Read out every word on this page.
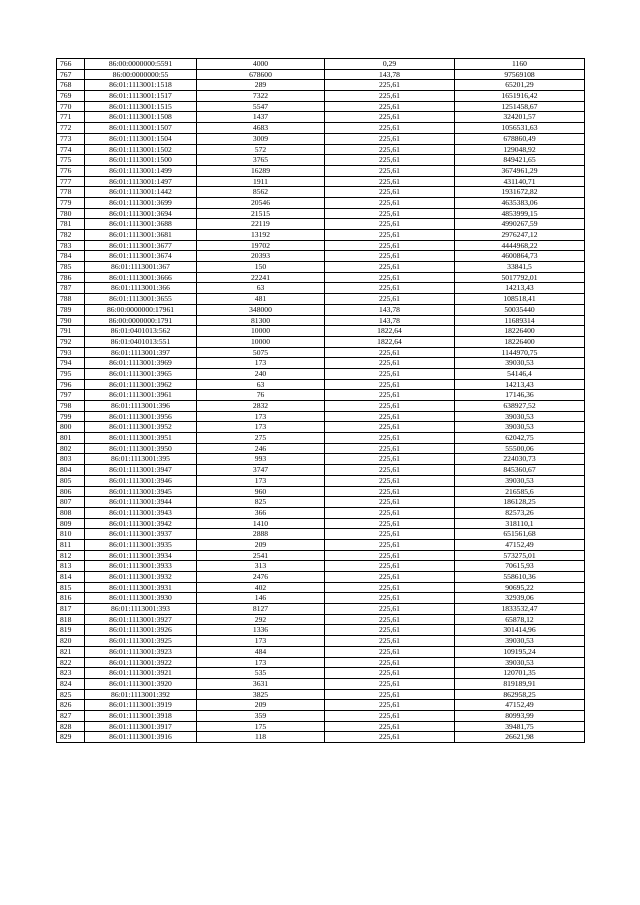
766	86:00:0000000:5591	4000	0,29	1160
767	86:00:0000000:55	678600	143,78	97569108
768	86:01:1113001:1518	289	225,61	65201,29
769	86:01:1113001:1517	7322	225,61	1651916,42
770	86:01:1113001:1515	5547	225,61	1251458,67
771	86:01:1113001:1508	1437	225,61	324201,57
772	86:01:1113001:1507	4683	225,61	1056531,63
773	86:01:1113001:1504	3009	225,61	678860,49
774	86:01:1113001:1502	572	225,61	129048,92
775	86:01:1113001:1500	3765	225,61	849421,65
776	86:01:1113001:1499	16289	225,61	3674961,29
777	86:01:1113001:1497	1911	225,61	431140,71
778	86:01:1113001:1442	8562	225,61	1931672,82
779	86:01:1113001:3699	20546	225,61	4635383,06
780	86:01:1113001:3694	21515	225,61	4853999,15
781	86:01:1113001:3688	22119	225,61	4990267,59
782	86:01:1113001:3681	13192	225,61	2976247,12
783	86:01:1113001:3677	19702	225,61	4444968,22
784	86:01:1113001:3674	20393	225,61	4600864,73
785	86:01:1113001:367	150	225,61	33841,5
786	86:01:1113001:3666	22241	225,61	5017792,01
787	86:01:1113001:366	63	225,61	14213,43
788	86:01:1113001:3655	481	225,61	108518,41
789	86:00:0000000:17961	348000	143,78	50035440
790	86:00:0000000:1791	81300	143,78	11689314
791	86:01:0401013:562	10000	1822,64	18226400
792	86:01:0401013:551	10000	1822,64	18226400
793	86:01:1113001:397	5075	225,61	1144970,75
794	86:01:1113001:3969	173	225,61	39030,53
795	86:01:1113001:3965	240	225,61	54146,4
796	86:01:1113001:3962	63	225,61	14213,43
797	86:01:1113001:3961	76	225,61	17146,36
798	86:01:1113001:396	2832	225,61	638927,52
799	86:01:1113001:3956	173	225,61	39030,53
800	86:01:1113001:3952	173	225,61	39030,53
801	86:01:1113001:3951	275	225,61	62042,75
802	86:01:1113001:3950	246	225,61	55500,06
803	86:01:1113001:395	993	225,61	224030,73
804	86:01:1113001:3947	3747	225,61	845360,67
805	86:01:1113001:3946	173	225,61	39030,53
806	86:01:1113001:3945	960	225,61	216585,6
807	86:01:1113001:3944	825	225,61	186128,25
808	86:01:1113001:3943	366	225,61	82573,26
809	86:01:1113001:3942	1410	225,61	318110,1
810	86:01:1113001:3937	2888	225,61	651561,68
811	86:01:1113001:3935	209	225,61	47152,49
812	86:01:1113001:3934	2541	225,61	573275,01
813	86:01:1113001:3933	313	225,61	70615,93
814	86:01:1113001:3932	2476	225,61	558610,36
815	86:01:1113001:3931	402	225,61	90695,22
816	86:01:1113001:3930	146	225,61	32939,06
817	86:01:1113001:393	8127	225,61	1833532,47
818	86:01:1113001:3927	292	225,61	65878,12
819	86:01:1113001:3926	1336	225,61	301414,96
820	86:01:1113001:3925	173	225,61	39030,53
821	86:01:1113001:3923	484	225,61	109195,24
822	86:01:1113001:3922	173	225,61	39030,53
823	86:01:1113001:3921	535	225,61	120701,35
824	86:01:1113001:3920	3631	225,61	819189,91
825	86:01:1113001:392	3825	225,61	862958,25
826	86:01:1113001:3919	209	225,61	47152,49
827	86:01:1113001:3918	359	225,61	80993,99
828	86:01:1113001:3917	175	225,61	39481,75
829	86:01:1113001:3916	118	225,61	26621,98
